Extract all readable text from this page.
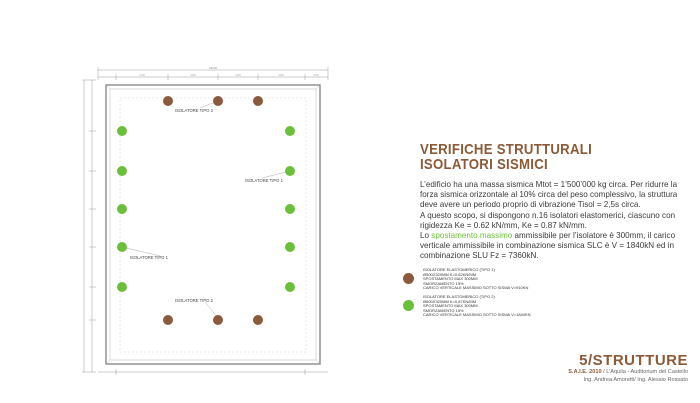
18900
3700	3400	3400	3400	3700
ISOLATORE TIPO 2
ISOLATORE TIPO 1
ISOLATORE TIPO 1
ISOLATORE TIPO 2
VERIFICHE STRUTTURALI
ISOLATORI SISMICI
L’edificio ha una massa sismica Mtot = 1’500’000 kg circa. Per ridurre la forza sismica orizzontale al 10% circa del peso complessivo, la struttura deve avere un periodo proprio di vibrazione Tisol = 2,5s circa.
A questo scopo, si dispongono n.16 isolatori elastomerici, ciascuno con rigidezza Ke = 0.62 kN/mm, Ke = 0.87 kN/mm.
Lo spostamento massimo ammissibile per l’isolatore è 300mm, il carico verticale ammissibile in combinazione sismica SLC è V = 1840kN ed in combinazione SLU Fz = 7360kN.
ISOLATORE ELASTOMERICO (TIPO 1)
Ø500X320MM K=0,62KN/MM
SPOSTAMENTO MAX 300MM
SMORZAMENTO 15%
CARICO VERTICALE MASSIMO SOTTO SISMA V=910KN
ISOLATORE ELASTOMERICO (TIPO 2)
Ø600X320MM K=0,87KN/MM
SPOSTAMENTO MAX 300MM
SMORZAMENTO 15%
CARICO VERTICALE MASSIMO SOTTO SISMA V=1840KN
5/STRUTTURE
S.A.I.E. 2010 / L’Aquila - Auditorium del Castello
Ing. Andrea Amoretti/ Ing. Alessio Rossato
